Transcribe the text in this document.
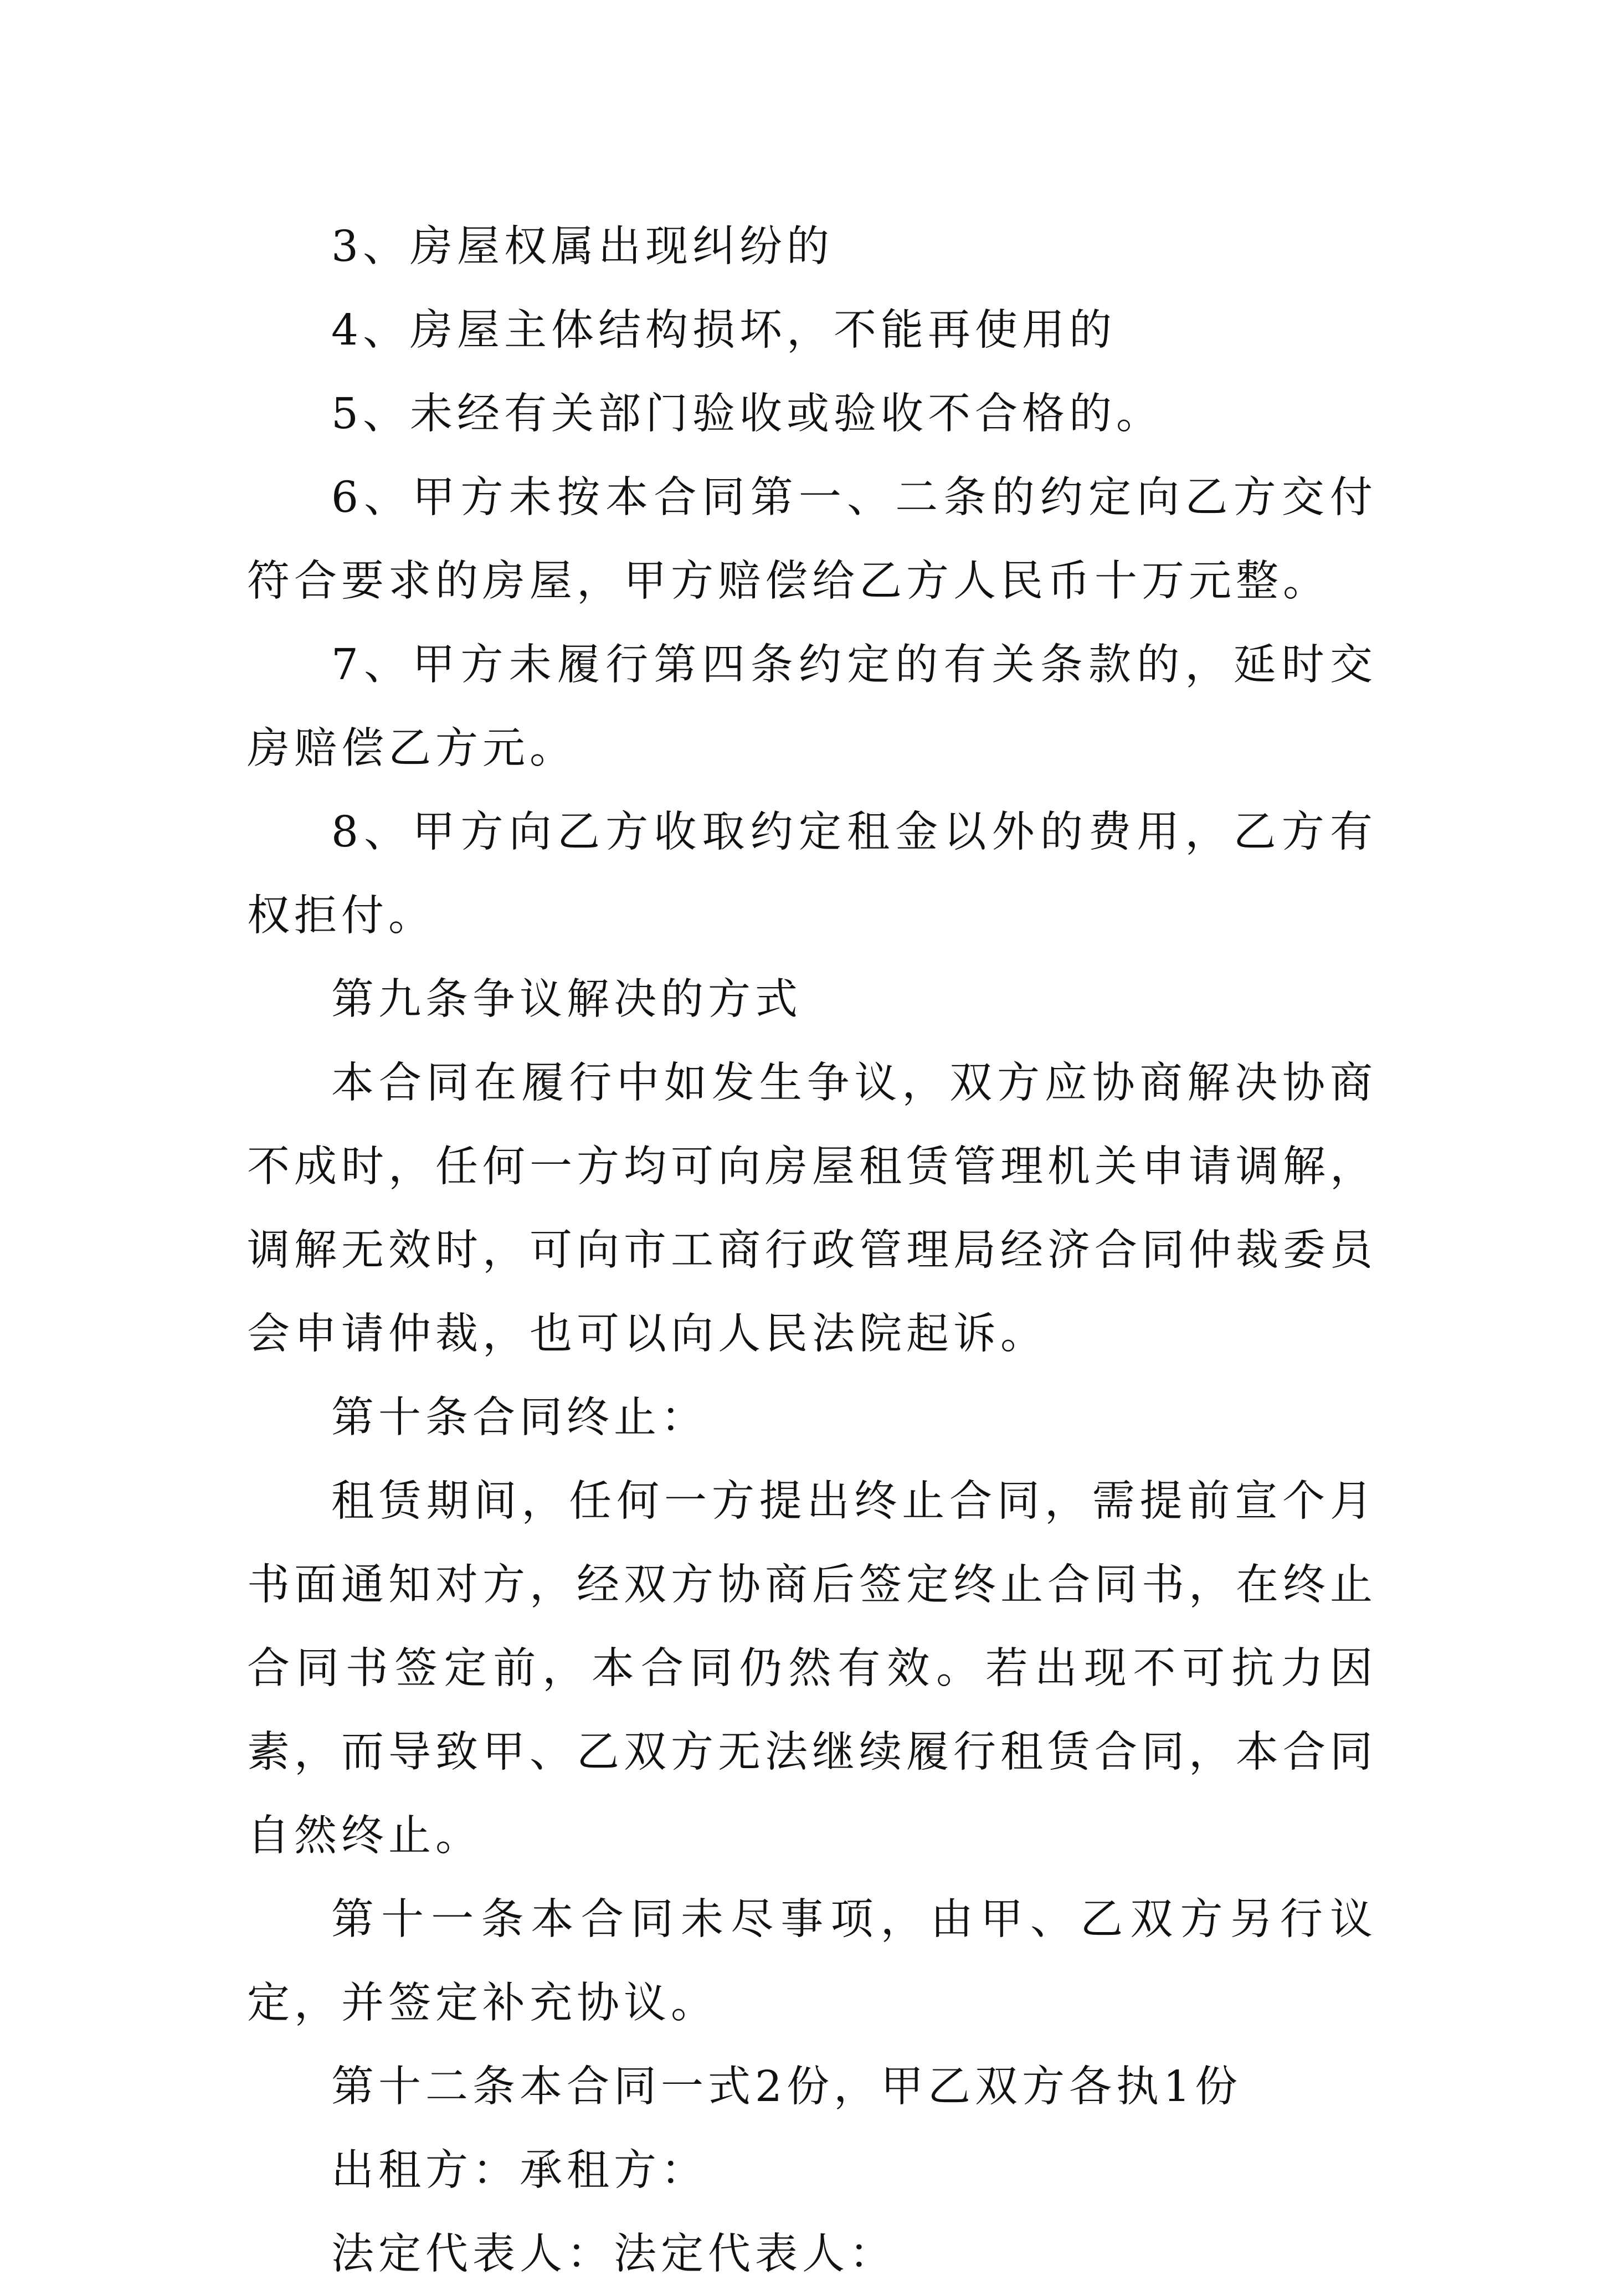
3、房屋权属出现纠纷的

4、房屋主体结构损坏，不能再使用的

5、未经有关部门验收或验收不合格的。

6、甲方未按本合同第一、二条的约定向乙方交付符合要求的房屋，甲方赔偿给乙方人民币十万元整。

7、甲方未履行第四条约定的有关条款的，延时交房赔偿乙方元。

8、甲方向乙方收取约定租金以外的费用，乙方有权拒付。

第九条争议解决的方式

本合同在履行中如发生争议，双方应协商解决协商不成时，任何一方均可向房屋租赁管理机关申请调解，调解无效时，可向市工商行政管理局经济合同仲裁委员会申请仲裁，也可以向人民法院起诉。

第十条合同终止：

租赁期间，任何一方提出终止合同，需提前宣个月书面通知对方，经双方协商后签定终止合同书，在终止合同书签定前，本合同仍然有效。若出现不可抗力因素，而导致甲、乙双方无法继续履行租赁合同，本合同自然终止。

第十一条本合同未尽事项，由甲、乙双方另行议定，并签定补充协议。

第十二条本合同一式2份，甲乙双方各执1份

出租方：承租方：

法定代表人：法定代表人：
